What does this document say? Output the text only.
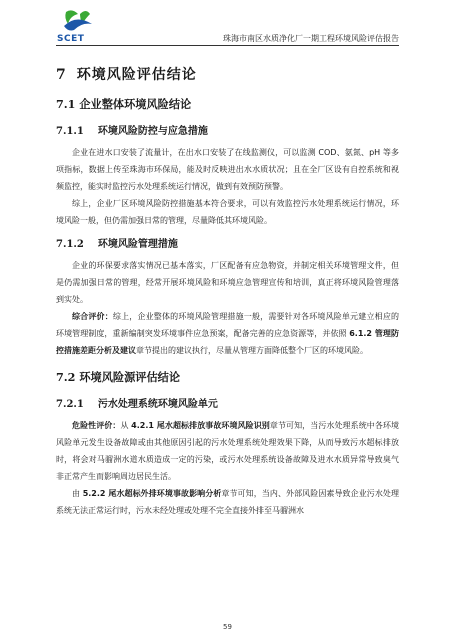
SCET	珠海市南区水质净化厂一期工程环境风险评估报告
7 环境风险评估结论
7.1 企业整体环境风险结论
7.1.1 环境风险防控与应急措施

企业在进水口安装了流量计，在出水口安装了在线监测仪，可以监测 COD、氨氮、pH 等多项指标，数据上传至珠海市环保局，能及时反映进出水水质状况；且在全厂区设有自控系统和视频监控，能实时监控污水处理系统运行情况，做到有效预防预警。

综上，企业厂区环境风险防控措施基本符合要求，可以有效监控污水处理系统运行情况，环境风险一般，但仍需加强日常的管理，尽量降低其环境风险。

7.1.2 环境风险管理措施

企业的环保要求落实情况已基本落实，厂区配备有应急物资，并制定相关环境管理文件，但是仍需加强日常的管理，经常开展环境风险和环境应急管理宣传和培训，真正将环境风险管理落到实处。

综合评价：综上，企业整体的环境风险管理措施一般，需要针对各环境风险单元建立相应的环境管理制度，重新编制突发环境事件应急预案，配备完善的应急资源等，并依照 6.1.2 管理防控措施差距分析及建议章节提出的建议执行，尽量从管理方面降低整个厂区的环境风险。

7.2 环境风险源评估结论
7.2.1 污水处理系统环境风险单元

危险性评价：从 4.2.1 尾水超标排放事故环境风险识别章节可知，当污水处理系统中各环境风险单元发生设备故障或由其他原因引起的污水处理系统处理效果下降，从而导致污水超标排放时，将会对马骝洲水道水质造成一定的污染，或污水处理系统设备故障及进水水质异常导致臭气非正常产生而影响周边居民生活。

由 5.2.2 尾水超标外排环境事故影响分析章节可知，当内、外部风险因素导致企业污水处理系统无法正常运行时，污水未经处理或处理不完全直接外排至马骝洲水

59
